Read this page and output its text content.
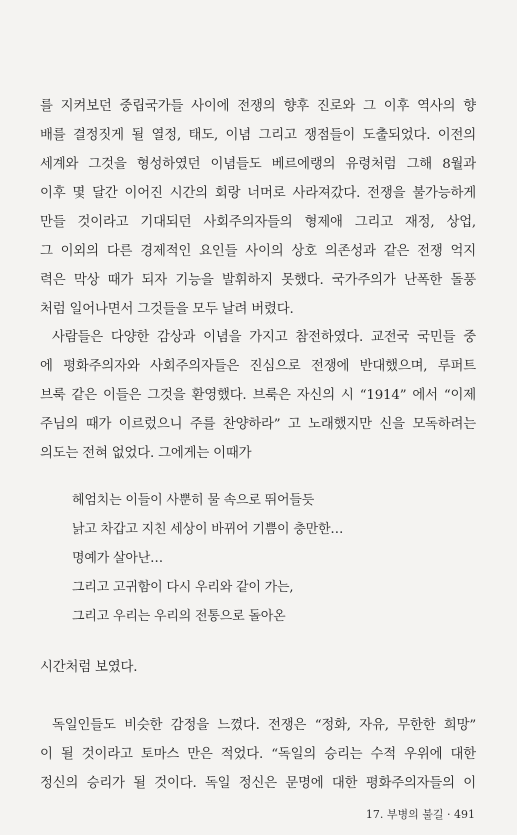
를 지켜보던 중립국가들 사이에 전쟁의 향후 진로와 그 이후 역사의 향
배를 결정짓게 될 열정, 태도, 이념 그리고 쟁점들이 도출되었다. 이전의
세계와 그것을 형성하였던 이념들도 베르에랭의 유령처럼 그해 8월과
이후 몇 달간 이어진 시간의 회랑 너머로 사라져갔다. 전쟁을 불가능하게
만들 것이라고 기대되던 사회주의자들의 형제애 그리고 재정, 상업,
그 이외의 다른 경제적인 요인들 사이의 상호 의존성과 같은 전쟁 억지
력은 막상 때가 되자 기능을 발휘하지 못했다. 국가주의가 난폭한 돌풍
처럼 일어나면서 그것들을 모두 날려 버렸다.
사람들은 다양한 감상과 이념을 가지고 참전하였다. 교전국 국민들 중
에 평화주의자와 사회주의자들은 진심으로 전쟁에 반대했으며, 루퍼트
브룩 같은 이들은 그것을 환영했다. 브룩은 자신의 시 “1914” 에서 “이제
주님의 때가 이르렀으니 주를 찬양하라” 고 노래했지만 신을 모독하려는
의도는 전혀 없었다. 그에게는 이때가
헤엄치는 이들이 사뿐히 물 속으로 뛰어들듯
낡고 차갑고 지친 세상이 바뀌어 기쁨이 충만한…
명예가 살아난…
그리고 고귀함이 다시 우리와 같이 가는,
그리고 우리는 우리의 전통으로 돌아온
시간처럼 보였다.
독일인들도 비슷한 감정을 느꼈다. 전쟁은 “정화, 자유, 무한한 희망”
이 될 것이라고 토마스 만은 적었다. “독일의 승리는 수적 우위에 대한
정신의 승리가 될 것이다. 독일 정신은 문명에 대한 평화주의자들의 이
17. 부병의 불길 · 491
